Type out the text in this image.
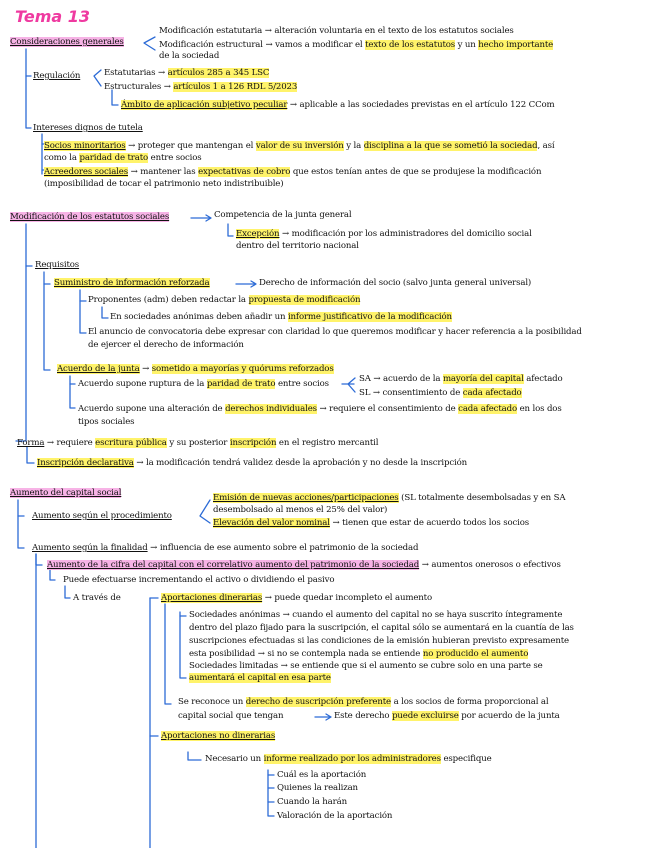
Tema 13
Consideraciones generales
Modificación estatutaria → alteración voluntaria en el texto de los estatutos sociales
Modificación estructural → vamos a modificar el texto de los estatutos y un hecho importante
de la sociedad
Regulación	Estatutarias → artículos 285 a 345 LSC
Estructurales → artículos 1 a 126 RDL 5/2023
Ámbito de aplicación subjetivo peculiar → aplicable a las sociedades previstas en el artículo 122 CCom
Intereses dignos de tutela
Socios minoritarios → proteger que mantengan el valor de su inversión y la disciplina a la que se sometió la sociedad, así
como la paridad de trato entre socios
Acreedores sociales → mantener las expectativas de cobro que estos tenían antes de que se produjese la modificación
(imposibilidad de tocar el patrimonio neto indistribuible)
Modificación de los estatutos sociales	Competencia de la junta general
Excepción → modificación por los administradores del domicilio social
dentro del territorio nacional
Requisitos
Suministro de información reforzada	Derecho de información del socio (salvo junta general universal)
Proponentes (adm) deben redactar la propuesta de modificación
En sociedades anónimas deben añadir un informe justificativo de la modificación
El anuncio de convocatoria debe expresar con claridad lo que queremos modificar y hacer referencia a la posibilidad
de ejercer el derecho de información
Acuerdo de la junta → sometido a mayorías y quórums reforzados
Acuerdo supone ruptura de la paridad de trato entre socios	SA → acuerdo de la mayoría del capital afectado
SL → consentimiento de cada afectado
Acuerdo supone una alteración de derechos individuales → requiere el consentimiento de cada afectado en los dos
tipos sociales
Forma → requiere escritura pública y su posterior inscripción en el registro mercantil
Inscripción declarativa → la modificación tendrá validez desde la aprobación y no desde la inscripción
Aumento del capital social
Aumento según el procedimiento
Emisión de nuevas acciones/participaciones (SL totalmente desembolsadas y en SA
desembolsado al menos el 25% del valor)
Elevación del valor nominal → tienen que estar de acuerdo todos los socios
Aumento según la finalidad → influencia de ese aumento sobre el patrimonio de la sociedad
Aumento de la cifra del capital con el correlativo aumento del patrimonio de la sociedad → aumentos onerosos o efectivos
Puede efectuarse incrementando el activo o dividiendo el pasivo
A través de	Aportaciones dinerarias → puede quedar incompleto el aumento
Sociedades anónimas → cuando el aumento del capital no se haya suscrito íntegramente
dentro del plazo fijado para la suscripción, el capital sólo se aumentará en la cuantía de las
suscripciones efectuadas si las condiciones de la emisión hubieran previsto expresamente
esta posibilidad → si no se contempla nada se entiende no producido el aumento
Sociedades limitadas → se entiende que si el aumento se cubre solo en una parte se
aumentará el capital en esa parte
Se reconoce un derecho de suscripción preferente a los socios de forma proporcional al
capital social que tengan	Este derecho puede excluirse por acuerdo de la junta
Aportaciones no dinerarias
Necesario un informe realizado por los administradores especifique
Cuál es la aportación
Quienes la realizan
Cuando la harán
Valoración de la aportación
